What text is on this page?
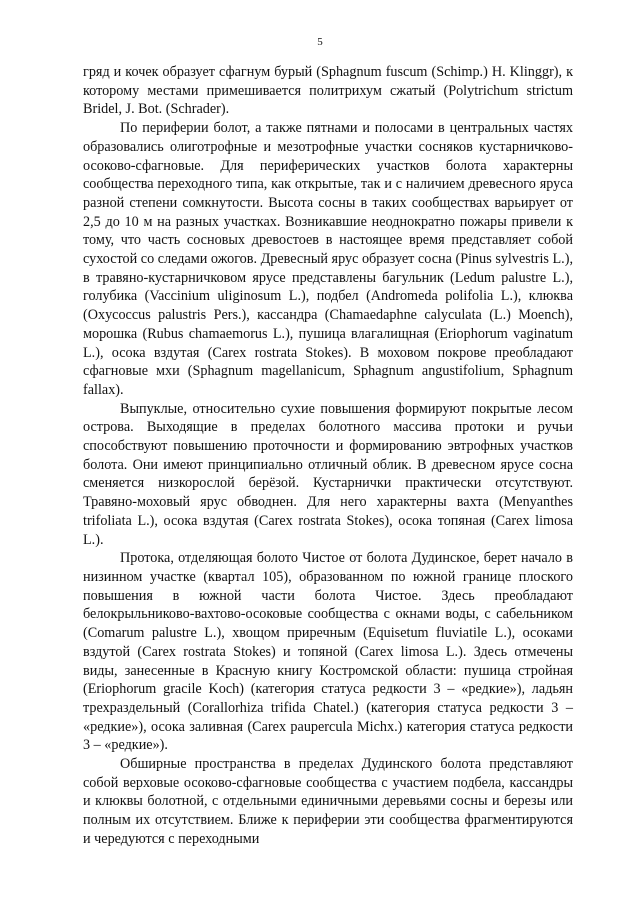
5

гряд и кочек образует сфагнум бурый (Sphagnum fuscum (Schimp.) H. Klinggr), к которому местами примешивается политрихум сжатый (Polytrichum strictum Bridel, J. Bot. (Schrader).

По периферии болот, а также пятнами и полосами в центральных частях образовались олиготрофные и мезотрофные участки сосняков кустарничково-осоково-сфагновые. Для периферических участков болота характерны сообщества переходного типа, как открытые, так и с наличием древесного яруса разной степени сомкнутости. Высота сосны в таких сообществах варьирует от 2,5 до 10 м на разных участках. Возникавшие неоднократно пожары привели к тому, что часть сосновых древостоев в настоящее время представляет собой сухостой со следами ожогов. Древесный ярус образует сосна (Pinus sylvestris L.), в травяно-кустарничковом ярусе представлены багульник (Ledum palustre L.), голубика (Vaccinium uliginosum L.), подбел (Andromeda polifolia L.), клюква (Oxycoccus palustris Pers.), кассандра (Chamaedaphne calyculata (L.) Moench), морошка (Rubus chamaemorus L.), пушица влагалищная (Eriophorum vaginatum L.), осока вздутая (Carex rostrata Stokes). В моховом покрове преобладают сфагновые мхи (Sphagnum magellanicum, Sphagnum angustifolium, Sphagnum fallax).

Выпуклые, относительно сухие повышения формируют покрытые лесом острова. Выходящие в пределах болотного массива протоки и ручьи способствуют повышению проточности и формированию эвтрофных участков болота. Они имеют принципиально отличный облик. В древесном ярусе сосна сменяется низкорослой берёзой. Кустарнички практически отсутствуют. Травяно-моховый ярус обводнен. Для него характерны вахта (Menyanthes trifoliata L.), осока вздутая (Carex rostrata Stokes), осока топяная (Carex limosa L.).

Протока, отделяющая болото Чистое от болота Дудинское, берет начало в низинном участке (квартал 105), образованном по южной границе плоского повышения в южной части болота Чистое. Здесь преобладают белокрыльниково-вахтово-осоковые сообщества с окнами воды, с сабельником (Comarum palustre L.), хвощом приречным (Equisetum fluviatile L.), осоками вздутой (Carex rostrata Stokes) и топяной (Carex limosa L.). Здесь отмечены виды, занесенные в Красную книгу Костромской области: пушица стройная (Eriophorum gracile Koch) (категория статуса редкости 3 – «редкие»), ладьян трехраздельный (Corallorhiza trifida Chatel.) (категория статуса редкости 3 – «редкие»), осока заливная (Carex paupercula Michx.) категория статуса редкости 3 – «редкие»).

Обширные пространства в пределах Дудинского болота представляют собой верховые осоково-сфагновые сообщества с участием подбела, кассандры и клюквы болотной, с отдельными единичными деревьями сосны и березы или полным их отсутствием. Ближе к периферии эти сообщества фрагментируются и чередуются с переходными
